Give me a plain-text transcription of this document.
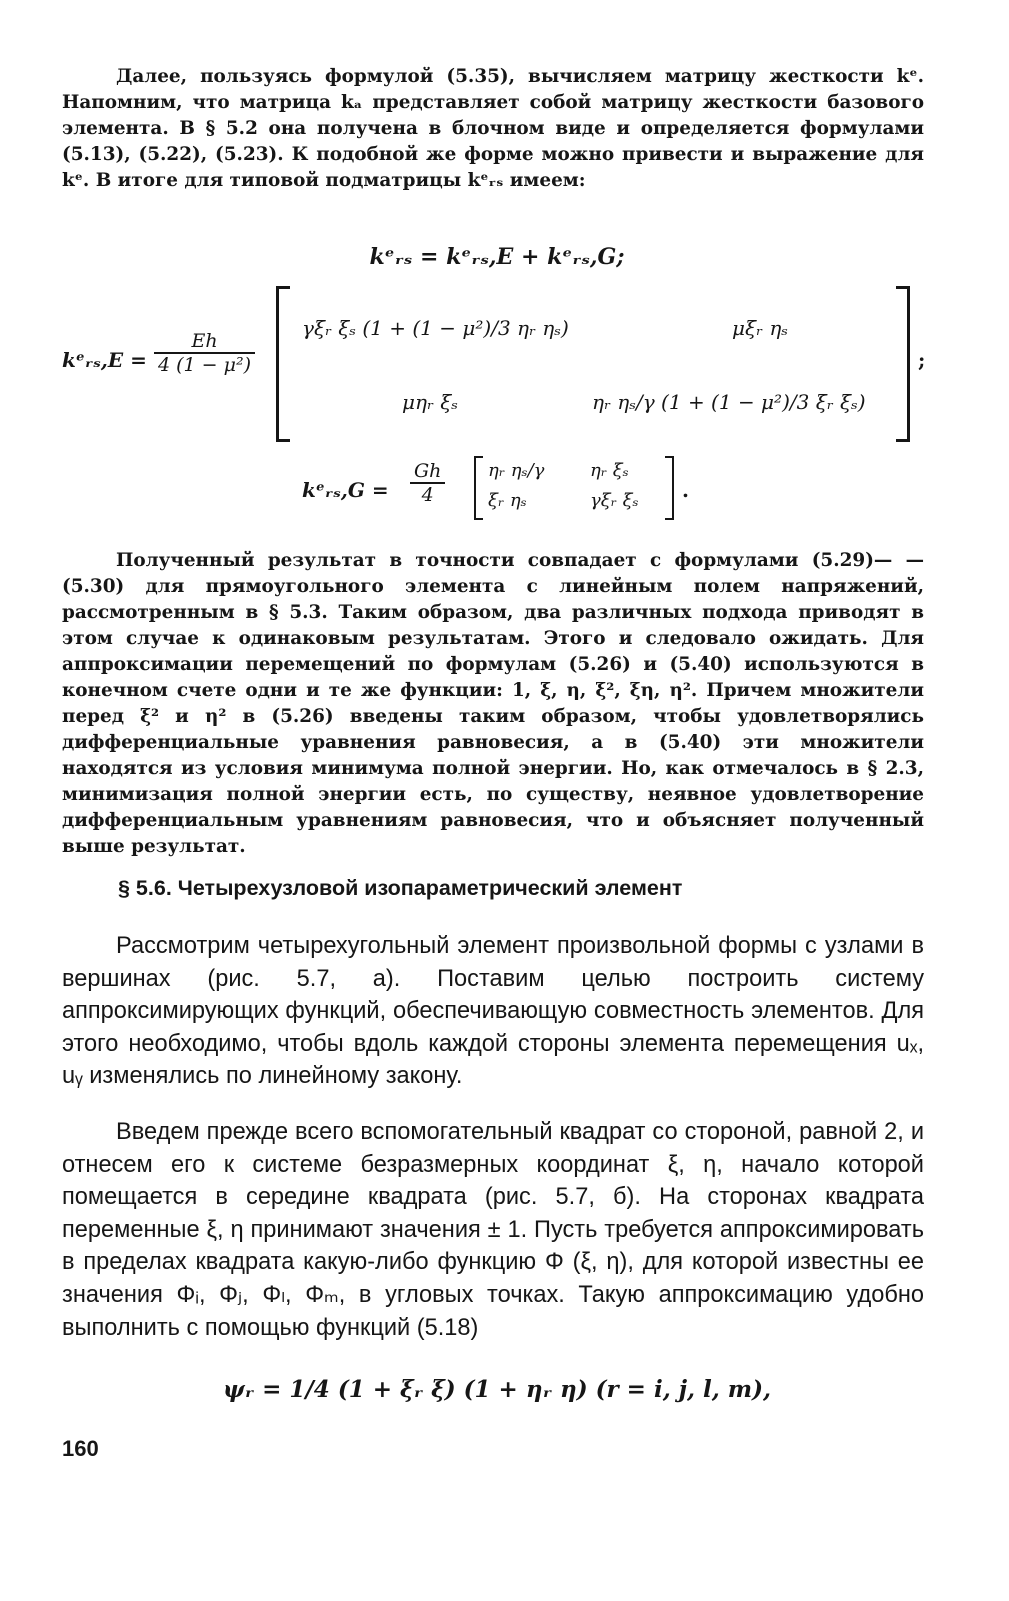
Далее, пользуясь формулой (5.35), вычисляем матрицу жесткости kᵉ. Напомним, что матрица kₐ представляет собой матрицу жесткости базового элемента. В § 5.2 она получена в блочном виде и определяется формулами (5.13), (5.22), (5.23). К подобной же форме можно привести и выражение для kᵉ. В итоге для типовой подматрицы kᵉᵣₛ имеем:

kᵉᵣₛ = kᵉᵣₛ,E + kᵉᵣₛ,G;
kᵉᵣₛ,E = $\frac{Eh}{\text{4 (1 − μ²)}}$
γξᵣ ξₛ (1 + (1 − μ²)/3 ηᵣ ηₛ)	μξᵣ ηₛ
μηᵣ ξₛ	ηᵣ ηₛ/γ (1 + (1 − μ²)/3 ξᵣ ξₛ)
;
kᵉᵣₛ,G = $\frac{Gh}{4}$ ηᵣ ηₛ/γ	ηᵣ ξₛ
ξᵣ ηₛ	γξᵣ ξₛ .

Полученный результат в точности совпадает с формулами (5.29)— — (5.30) для прямоугольного элемента с линейным полем напряжений, рассмотренным в § 5.3. Таким образом, два различных подхода приводят в этом случае к одинаковым результатам. Этого и следовало ожидать. Для аппроксимации перемещений по формулам (5.26) и (5.40) используются в конечном счете одни и те же функции: 1, ξ, η, ξ², ξη, η². Причем множители перед ξ² и η² в (5.26) введены таким образом, чтобы удовлетворялись дифференциальные уравнения равновесия, а в (5.40) эти множители находятся из условия минимума полной энергии. Но, как отмечалось в § 2.3, минимизация полной энергии есть, по существу, неявное удовлетворение дифференциальным уравнениям равновесия, что и объясняет полученный выше результат.

§ 5.6. Четырехузловой изопараметрический элемент

Рассмотрим четырехугольный элемент произвольной формы с узлами в вершинах (рис. 5.7, а). Поставим целью построить систему аппроксимирующих функций, обеспечивающую совместность элементов. Для этого необходимо, чтобы вдоль каждой стороны элемента перемещения uₓ, uᵧ изменялись по линейному закону.

Введем прежде всего вспомогательный квадрат со стороной, равной 2, и отнесем его к системе безразмерных координат ξ, η, начало которой помещается в середине квадрата (рис. 5.7, б). На сторонах квадрата переменные ξ, η принимают значения ± 1. Пусть требуется аппроксимировать в пределах квадрата какую-либо функцию Φ (ξ, η), для которой известны ее значения Φᵢ, Φⱼ, Φₗ, Φₘ, в угловых точках. Такую аппроксимацию удобно выполнить с помощью функций (5.18)

ψᵣ = 1/4 (1 + ξᵣ ξ) (1 + ηᵣ η) (r = i, j, l, m),
160
